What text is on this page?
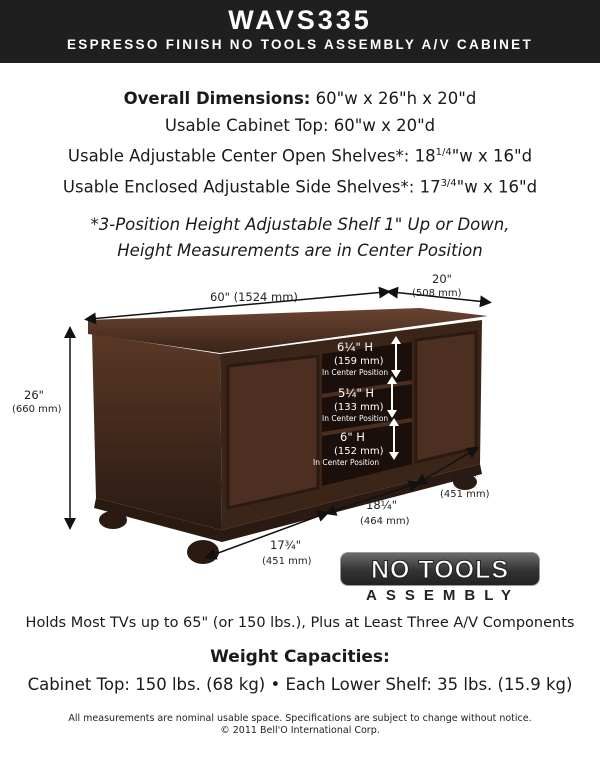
WAVS335
ESPRESSO FINISH NO TOOLS ASSEMBLY A/V CABINET
Overall Dimensions: 60"w x 26"h x 20"d
Usable Cabinet Top: 60"w x 20"d
Usable Adjustable Center Open Shelves*: $18^{1/4}"w$ x 16"d
Usable Enclosed Adjustable Side Shelves*: $17^{3/4}"w$ x 16"d
*3-Position Height Adjustable Shelf 1" Up or Down,
Height Measurements are in Center Position
60" (1524 mm)
20"
(508 mm)
26"
(660 mm)
6¼" H
(159 mm)
In Center Position
5¼" H
(133 mm)
In Center Position
6" H
(152 mm)
In Center Position
17¾"
(451 mm)
18¼"
(464 mm)
17¾"
(451 mm)	NO TOOLS
ASSEMBLY
Holds Most TVs up to 65" (or 150 lbs.), Plus at Least Three A/V Components
Weight Capacities:
Cabinet Top: 150 lbs. (68 kg) • Each Lower Shelf: 35 lbs. (15.9 kg)
All measurements are nominal usable space. Specifications are subject to change without notice.
© 2011 Bell'O International Corp.
